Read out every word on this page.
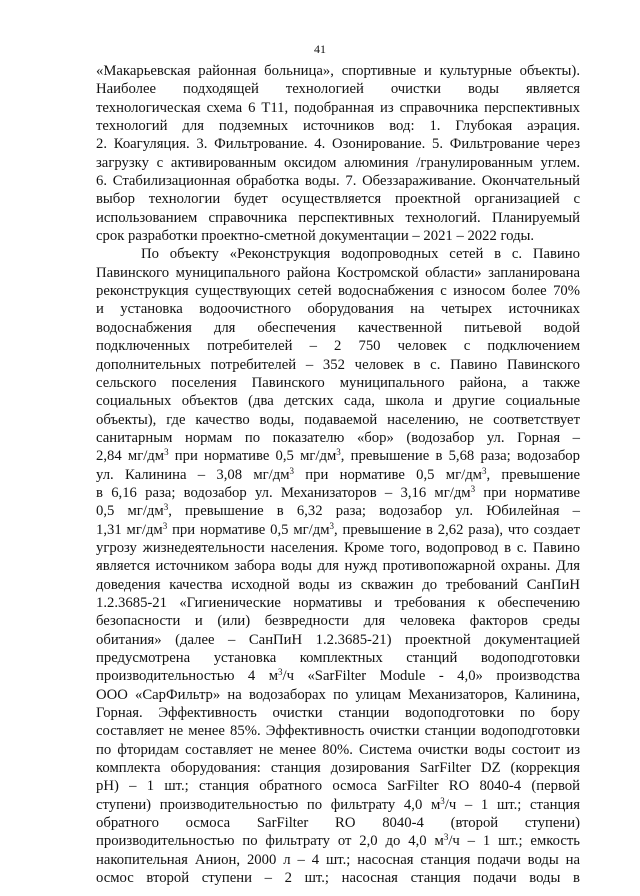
41
«Макарьевская районная больница», спортивные и культурные объекты).
Наиболее подходящей технологией очистки воды является
технологическая схема 6 Т11, подобранная из справочника перспективных
технологий для подземных источников вод: 1. Глубокая аэрация.
2. Коагуляция. 3. Фильтрование. 4. Озонирование. 5. Фильтрование через
загрузку с активированным оксидом алюминия /гранулированным углем.
6. Стабилизационная обработка воды. 7. Обеззараживание. Окончательный
выбор технологии будет осуществляется проектной организацией с
использованием справочника перспективных технологий. Планируемый
срок разработки проектно-сметной документации – 2021 – 2022 годы.
По объекту «Реконструкция водопроводных сетей в с. Павино
Павинского муниципального района Костромской области» запланирована
реконструкция существующих сетей водоснабжения с износом более 70%
и установка водоочистного оборудования на четырех источниках
водоснабжения для обеспечения качественной питьевой водой
подключенных потребителей – 2 750 человек с подключением
дополнительных потребителей – 352 человек в с. Павино Павинского
сельского поселения Павинского муниципального района, а также
социальных объектов (два детских сада, школа и другие социальные
объекты), где качество воды, подаваемой населению, не соответствует
санитарным нормам по показателю «бор» (водозабор ул. Горная –
2,84 $мг/дм^3$ при нормативе 0,5 $мг/дм^3$, превышение в 5,68 раза; водозабор
ул. Калинина – 3,08 $мг/дм^3$ при нормативе 0,5 $мг/дм^3$, превышение
в 6,16 раза; водозабор ул. Механизаторов – 3,16 $мг/дм^3$ при нормативе
0,5 $мг/дм^3$, превышение в 6,32 раза; водозабор ул. Юбилейная –
1,31 $мг/дм^3$ при нормативе 0,5 $мг/дм^3$, превышение в 2,62 раза), что создает
угрозу жизнедеятельности населения. Кроме того, водопровод в с. Павино
является источником забора воды для нужд противопожарной охраны. Для
доведения качества исходной воды из скважин до требований СанПиН
1.2.3685-21 «Гигиенические нормативы и требования к обеспечению
безопасности и (или) безвредности для человека факторов среды
обитания» (далее – СанПиН 1.2.3685-21) проектной документацией
предусмотрена установка комплектных станций водоподготовки
производительностью 4 $м^3/ч$ «SarFilter Module - 4,0» производства
ООО «СарФильтр» на водозаборах по улицам Механизаторов, Калинина,
Горная. Эффективность очистки станции водоподготовки по бору
составляет не менее 85%. Эффективность очистки станции водоподготовки
по фторидам составляет не менее 80%. Система очистки воды состоит из
комплекта оборудования: станция дозирования SarFilter DZ (коррекция
pH) – 1 шт.; станция обратного осмоса SarFilter RO 8040-4 (первой
ступени) производительностью по фильтрату 4,0 $м^3/ч - 1$ шт.; станция
обратного осмоса SarFilter RO 8040-4 (второй ступени)
производительностью по фильтрату от 2,0 до 4,0 $м^3/ч - 1$ шт.; емкость
накопительная Анион, 2000 л – 4 шт.; насосная станция подачи воды на
осмос второй ступени – 2 шт.; насосная станция подачи воды в
